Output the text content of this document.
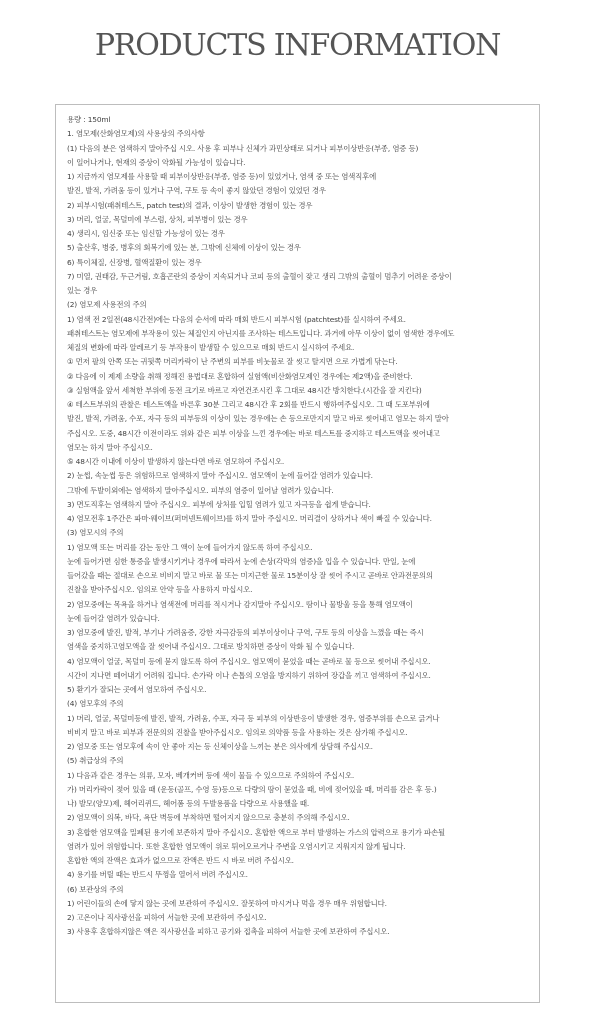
PRODUCTS INFORMATION
용량 : 150ml
1. 염모제(산화염모제)의 사용상의 주의사항
(1) 다음의 분은 염색하지 말아주십 시오. 사용 후 피부나 신체가 과민상태로 되거나 피부이상반응(부종, 염증 등)
이 일어나거나, 현재의 증상이 악화될 가능성이 있습니다.
1) 지금까지 염모제를 사용할 때 피부이상반응(부종, 염증 등)이 있었거나, 염색 중 또는 염색직후에
발진, 발적, 가려움 등이 있거나 구역, 구토 등 속이 좋지 않았던 경험이 있었던 경우
2) 피부시험(패취테스트, patch test)의 결과, 이상이 발생한 경험이 있는 경우
3) 머리, 얼굴, 목덜미에 부스럼, 상처, 피부병이 있는 경우
4) 생리시, 임신중 또는 임신할 가능성이 있는 경우
5) 출산후, 병중, 병후의 회복기에 있는 분, 그밖에 신체에 이상이 있는 경우
6) 특이체질, 신장병, 혈액질환이 있는 경우
7) 미열, 권태감, 두근거림, 호흡곤란의 증상이 지속되거나 코피 등의 출혈이 잦고 생리 그밖의 출혈이 멈추기 어려운 증상이
있는 경우
(2) 염모제 사용전의 주의
1) 염색 전 2일전(48시간전)에는 다음의 순서에 따라 매회 반드시 피부시험 (patchtest)를 실시하여 주세요.
패취테스트는 염모제에 부작용이 있는 체질인지 아닌지를 조사하는 테스트입니다. 과거에 아무 이상이 없이 염색한 경우에도
체질의 변화에 따라 알레르기 등 부작용이 발생할 수 있으므로 매회 반드시 실시하여 주세요.
① 먼저 팔의 안쪽 또는 귀뒷쪽 머리카락이 난 주변의 피부를 비눗물로 잘 씻고 탈지면 으로 가볍게 닦는다.
② 다음에 이 제제 소량을 취해 정해진 용법대로 혼합하여 실험액(비산화염모제인 경우에는 제2액)을 준비한다.
③ 실험액을 앞서 세척한 부위에 동전 크기로 바르고 자연건조시킨 후 그대로 48시간 방치한다.(시간을 잘 지킨다)
④ 테스트부위의 관찰은 테스트액을 바른후 30분 그리고 48시간 후 2회를 반드시 행하여주십시오. 그 때 도포부위에
발진, 발적, 가려움, 수포, 자극 등의 피부등의 이상이 있는 경우에는 손 등으로만지지 말고 바로 씻어내고 염모는 하지 말아
주십시오. 도중, 48시간 이전이라도 위와 같은 피부 이상을 느낀 경우에는 바로 테스트를 중지하고 테스트액을 씻어내고
염모는 하지 말아 주십시오.
⑤ 48시간 이내에 이상이 발생하지 않는다면 바로 염모하여 주십시오.
2) 눈썹, 속눈썹 등은 위험하므로 염색하지 말아 주십시오. 염모액이 눈에 들어갈 염려가 있습니다.
그밖에 두발이외에는 염색하지 말아주십시오. 피부의 염증이 일어날 염려가 있습니다.
3) 면도직후는 염색하지 말아 주십시오. 피부에 상처를 입힐 염려가 있고 자극등을 쉽게 받습니다.
4) 염모전후 1주간은 파마·웨이브(퍼머넨트웨이브)를 하지 말아 주십시오. 머리결이 상하거나 색이 빠질 수 있습니다.
(3) 염모시의 주의
1) 염모액 또는 머리를 감는 동안 그 액이 눈에 들어가지 않도록 하여 주십시오.
눈에 들어가면 심한 통증을 발생시키거나 경우에 따라서 눈에 손상(각막의 염증)을 입을 수 있습니다. 만일, 눈에
들어갔을 때는 절대로 손으로 비비지 말고 바로 물 또는 미지근한 물로 15분이상 잘 씻어 주시고 곧바로 안과전문의의
진찰을 받아주십시오. 임의로 안약 등을 사용하지 마십시오.
2) 염모중에는 목욕을 하거나 염색전에 머리를 적시거나 감지말아 주십시오. 땀이나 물방울 등을 통해 염모액이
눈에 들어갈 염려가 있습니다.
3) 염모중에 발진, 발적, 부기나 가려움증, 강한 자극감등의 피부이상이나 구역, 구토 등의 이상을 느꼈을 때는 즉시
염색을 중지하고염모액을 잘 씻어내 주십시오. 그대로 방치하면 증상이 악화 될 수 있습니다.
4) 염모액이 얼굴, 목덜미 등에 묻지 않도록 하여 주십시오. 염모액이 묻었을 때는 곧바로 물 등으로 씻어내 주십시오.
시간이 지나면 떼어내기 어려워 집니다. 손가락 이나 손톱의 오염을 방지하기 위하여 장갑을 끼고 염색하여 주십시오.
5) 환기가 잘되는 곳에서 염모하여 주십시오.
(4) 염모후의 주의
1) 머리, 얼굴, 목덜미등에 발진, 발적, 가려움, 수포, 자극 등 피부의 이상반응이 발생한 경우, 염증부위를 손으로 긁거나
비비지 말고 바로 피부과 전문의의 진찰을 받아주십시오. 임의로 의약품 등을 사용하는 것은 삼가해 주십시오.
2) 염모중 또는 염모후에 속이 안 좋아 지는 등 신체이상을 느끼는 분은 의사에게 상담해 주십시오.
(5) 취급상의 주의
1) 다음과 같은 경우는 의류, 모자, 베개커버 등에 색이 물들 수 있으므로 주의하여 주십시오.
가) 머리카락이 젖어 있을 때 (운동(골프, 수영 등)등으로 다량의 땀이 묻었을 때, 비에 젖어있을 때, 머리를 감은 후 등.)
나) 발모(양모)제, 헤어리퀴드, 헤어폼 등의 두발용품을 다량으로 사용했을 때.
2) 염모액이 의복, 바닥, 욕단 벽등에 부착하면 떨어지지 않으므로 충분히 주의해 주십시오.
3) 혼합한 염모액을 밀폐된 용기에 보존하지 말아 주십시오. 혼합한 액으로 부터 발생하는 가스의 압력으로 용기가 파손될
염려가 있어 위험합니다. 또한 혼합한 염모액이 위로 튀어오르거나 주변을 오염시키고 지워지지 않게 됩니다.
혼합한 액의 잔액은 효과가 없으므로 잔액은 반드 시 바로 버려 주십시오.
4) 용기를 버릴 때는 반드시 뚜껑을 열어서 버려 주십시오.
(6) 보관상의 주의
1) 어린이들의 손에 닿지 않는 곳에 보관하여 주십시오. 잘못하여 마시거나 먹을 경우 매우 위험합니다.
2) 고온이나 직사광선을 피하여 서늘한 곳에 보관하여 주십시오.
3) 사용후 혼합하지않은 액은 직사광선을 피하고 공기와 접촉을 피하여 서늘한 곳에 보관하여 주십시오.
